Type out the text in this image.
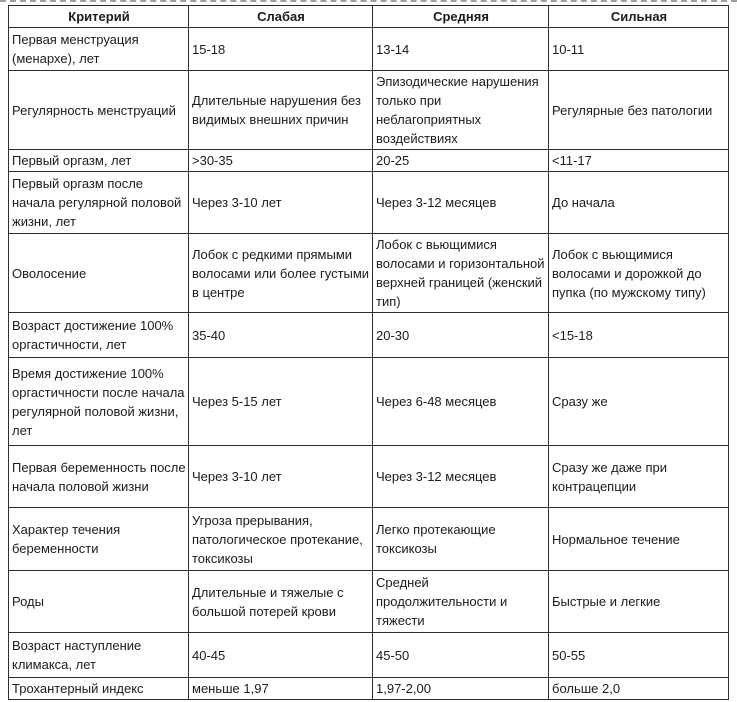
Критерий	Слабая	Средняя	Сильная
Первая менструация (менархе), лет	15-18	13-14	10-11
Регулярность менструаций	Длительные нарушения без видимых внешних причин	Эпизодические нарушения только при неблагоприятных воздействиях	Регулярные без патологии
Первый оргазм, лет	>30-35	20-25	<11-17
Первый оргазм после начала регулярной половой жизни, лет	Через 3-10 лет	Через 3-12 месяцев	До начала
Оволосение	Лобок с редкими прямыми волосами или более густыми в центре	Лобок с вьющимися волосами и горизонтальной верхней границей (женский тип)	Лобок с вьющимися волосами и дорожкой до пупка (по мужскому типу)
Возраст достижение 100% оргастичности, лет	35-40	20-30	<15-18
Время достижение 100% оргастичности после начала регулярной половой жизни, лет	Через 5-15 лет	Через 6-48 месяцев	Сразу же
Первая беременность после начала половой жизни	Через 3-10 лет	Через 3-12 месяцев	Сразу же даже при контрацепции
Характер течения беременности	Угроза прерывания, патологическое протекание, токсикозы	Легко протекающие токсикозы	Нормальное течение
Роды	Длительные и тяжелые с большой потерей крови	Средней продолжительности и тяжести	Быстрые и легкие
Возраст наступление климакса, лет	40-45	45-50	50-55
Трохантерный индекс	меньше 1,97	1,97-2,00	больше 2,0
